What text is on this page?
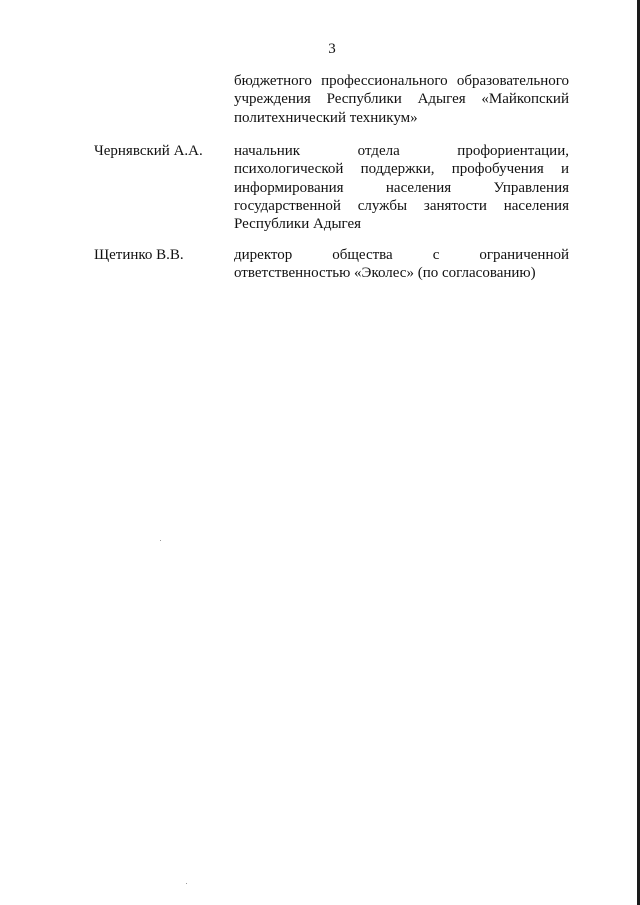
3
бюджетного профессионального образовательного учреждения Республики Адыгея «Майкопский политехнический техникум»
Чернявский А.А.	начальник отдела профориентации, психологической поддержки, профобучения и информирования населения Управления государственной службы занятости населения Республики Адыгея
Щетинко В.В.	директор общества с ограниченной ответственностью «Эколес» (по согласованию)
